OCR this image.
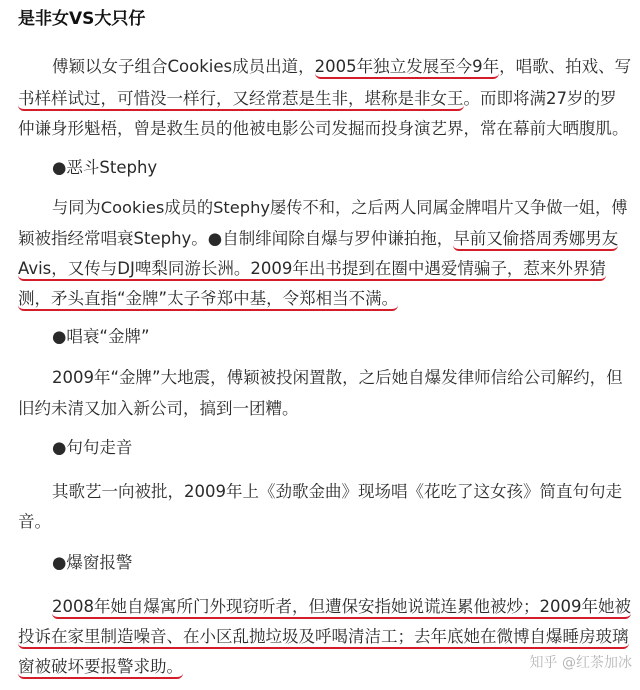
是非女VS大只仔
傅颖以女子组合Cookies成员出道，2005年独立发展至今9年，唱歌、拍戏、写
书样样试过，可惜没一样行，又经常惹是生非，堪称是非女王。而即将满27岁的罗
仲谦身形魁梧，曾是救生员的他被电影公司发掘而投身演艺界，常在幕前大晒腹肌。
●恶斗Stephy
与同为Cookies成员的Stephy屡传不和，之后两人同属金牌唱片又争做一姐，傅
颖被指经常唱衰Stephy。●自制绯闻除自爆与罗仲谦拍拖，早前又偷搭周秀娜男友
Avis，又传与DJ啤梨同游长洲。2009年出书提到在圈中遇爱情骗子，惹来外界猜
测，矛头直指“金牌”太子爷郑中基，令郑相当不满。
●唱衰“金牌”
2009年“金牌”大地震，傅颖被投闲置散，之后她自爆发律师信给公司解约，但
旧约未清又加入新公司，搞到一团糟。
●句句走音
其歌艺一向被批，2009年上《劲歌金曲》现场唱《花吃了这女孩》简直句句走
音。
●爆窗报警
2008年她自爆寓所门外现窃听者，但遭保安指她说谎连累他被炒；2009年她被
投诉在家里制造噪音、在小区乱抛垃圾及呼喝清洁工；去年底她在微博自爆睡房玻璃
窗被破坏要报警求助。	知乎 @红茶加冰
